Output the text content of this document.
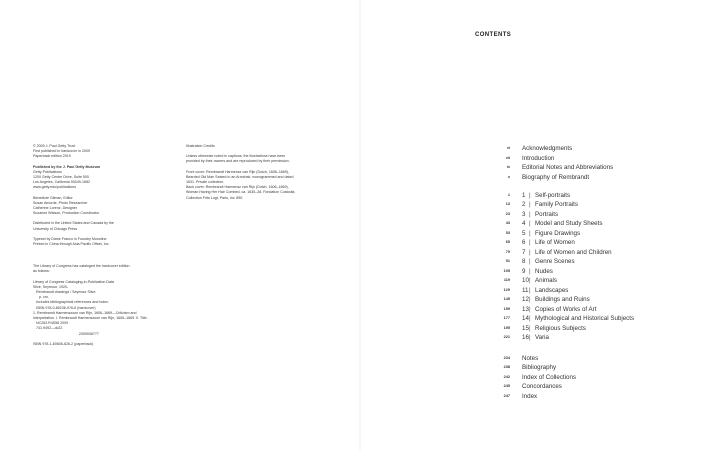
© 2009 J. Paul Getty Trust
First published in hardcover in 2009
Paperback edition 2019
Published by the J. Paul Getty Museum
Getty Publications
1200 Getty Center Drive, Suite 500
Los Angeles, California 90049-1682
www.getty.edu/publications
Benedicte Gilman, Editor
Susan Amorde, Photo Researcher
Catherine Lorenz, Designer
Suzanne Watson, Production Coordinator
Distributed in the United States and Canada by the
University of Chicago Press
Typeset by Diane Franco in Foundry Monoline
Printed in China through Asia Pacific Offset, Inc.
The Library of Congress has cataloged the hardcover edition
as follows:
Library of Congress Cataloging-in-Publication Data
Slive, Seymour, 1920-
Rembrandt drawings / Seymour Slive.
p. cm.
Includes bibliographical references and index.
ISBN 978-0-89236-976-6 (hardcover)
1. Rembrandt Harmenszoon van Rijn, 1606–1669—Criticism and
interpretation. I. Rembrandt Harmenszoon van Rijn, 1606–1669. II. Title.
NC263.R4S58 2009
741.9492—dc22
2009008777
ISBN 978-1-60606-626-2 (paperback)
Illustration Credits
Unless otherwise noted in captions, the illustrations have been
provided by their owners and are reproduced by their permission.
Front cover: Rembrandt Harmensz van Rijn (Dutch, 1606–1669),
Bearded Old Man Seated in an Armchair, monogrammed and dated
1631. Private collection.
Back cover: Rembrandt Harmensz van Rijn (Dutch, 1606–1669),
Woman Having Her Hair Combed, ca. 1635–38. Fondation Custodia,
Collection Frits Lugt, Paris, inv. 890.
CONTENTS
vi Acknowledgments
vii Introduction
ix Editorial Notes and Abbreviations
x Biography of Rembrandt
1 1 | Self-portraits
13 2 | Family Portraits
23 3 | Portraits
43 4 | Model and Study Sheets
53 5 | Figure Drawings
65 6 | Life of Women
79 7 | Life of Women and Children
91 8 | Genre Scenes
105 9 | Nudes
119 10 | Animals
129 11 | Landscapes
145 12 | Buildings and Ruins
159 13 | Copies of Works of Art
177 14 | Mythological and Historical Subjects
195 15 | Religious Subjects
221 16 | Varia
234 Notes
238 Bibliography
242 Index of Collections
245 Concordances
247 Index
